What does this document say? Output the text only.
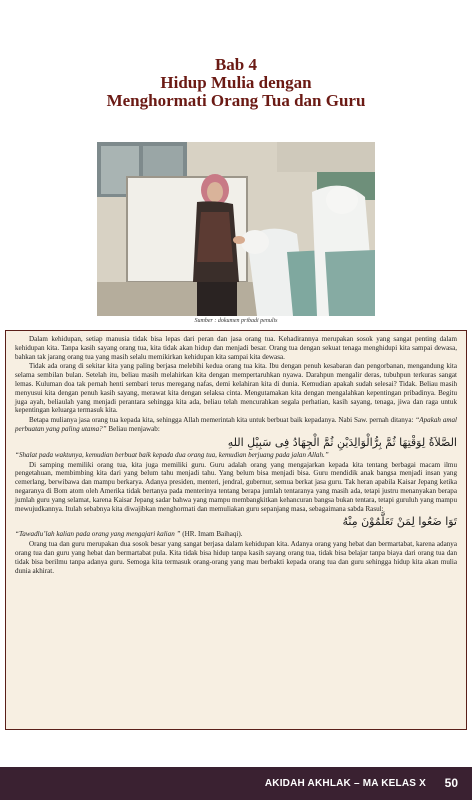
Bab 4
Hidup Mulia dengan
Menghormati Orang Tua dan Guru
Sumber : dokumen pribadi penulis

Dalam kehidupan, setiap manusia tidak bisa lepas dari peran dan jasa orang tua. Kehadirannya merupakan sosok yang sangat penting dalam kehidupan kita. Tanpa kasih sayang orang tua, kita tidak akan hidup dan menjadi besar. Orang tua dengan sekuat tenaga menghidupi kita sampai dewasa, bahkan tak jarang orang tua yang masih selalu memikirkan kehidupan kita sampai kita dewasa.

Tidak ada orang di sekitar kita yang paling berjasa melebihi kedua orang tua kita. Ibu dengan penuh kesabaran dan pengorbanan, mengandung kita selama sembilan bulan. Setelah itu, beliau masih melahirkan kita dengan mempertaruhkan nyawa. Darahpun mengalir deras, tubuhpun terkuras sangat lemas. Kuluman doa tak pernah henti sembari terus meregang nafas, demi kelahiran kita di dunia. Kemudian apakah sudah selesai? Tidak. Beliau masih menyusui kita dengan penuh kasih sayang, merawat kita dengan selaksa cinta. Mengutamakan kita dengan mengalahkan kepentingan pribadinya. Begitu juga ayah, beliaulah yang menjadi perantara sehingga kita ada, beliau telah mencurahkan segala perhatian, kasih sayang, tenaga, jiwa dan raga untuk kepentingan keluarga termasuk kita.

Betapa mulianya jasa orang tua kepada kita, sehingga Allah memerintah kita untuk berbuat baik kepadanya. Nabi Saw. pernah ditanya: “Apakah amal perbuatan yang paling utama?” Beliau menjawab:

الصَّلاَةُ لِوَقْتِهَا ثُمَّ بِرُّالْوَالِدَيْنِ ثُمَّ الْجِهَادُ فِى سَبِيْلِ اللهِ

“Shalat pada waktunya, kemudian berbuat baik kepada dua orang tua, kemudian berjuang pada jalan Allah.”

Di samping memiliki orang tua, kita juga memiliki guru. Guru adalah orang yang mengajarkan kepada kita tentang berbagai macam ilmu pengetahuan, membimbing kita dari yang belum tahu menjadi tahu. Yang belum bisa menjadi bisa. Guru mendidik anak bangsa menjadi insan yang cemerlang, berwibawa dan mampu berkarya. Adanya presiden, menteri, jendral, gubernur, semua berkat jasa guru. Tak heran apabila Kaisar Jepang ketika negaranya di Bom atom oleh Amerika tidak bertanya pada menterinya tentang berapa jumlah tentaranya yang masih ada, tetapi justru menanyakan berapa jumlah guru yang selamat, karena Kaisar Jepang sadar bahwa yang mampu membangkitkan kehancuran bangsa bukan tentara, tetapi guruluh yang mampu mewujudkannya. Itulah sebabnya kita diwajibkan menghormati dan memuliakan guru sepanjang masa, sebagaimana sabda Rasul:

تَوَا ضَعُوا لِمَنْ تَعَلَّمُوْنَ مِنْهُ

“Tawadlu’lah kalian pada orang yang mengajari kalian ” (HR. Imam Baihaqi).

Orang tua dan guru merupakan dua sosok besar yang sangat berjasa dalam kehidupan kita. Adanya orang yang hebat dan bermartabat, karena adanya orang tua dan guru yang hebat dan bermartabat pula. Kita tidak bisa hidup tanpa kasih sayang orang tua, tidak bisa belajar tanpa biaya dari orang tua dan tidak bisa berilmu tanpa adanya guru. Semoga kita termasuk orang-orang yang mau berbakti kepada orang tua dan guru sehingga hidup kita akan mulia dunia akhirat.

AKIDAH AKHLAK – MA KELAS X 50
